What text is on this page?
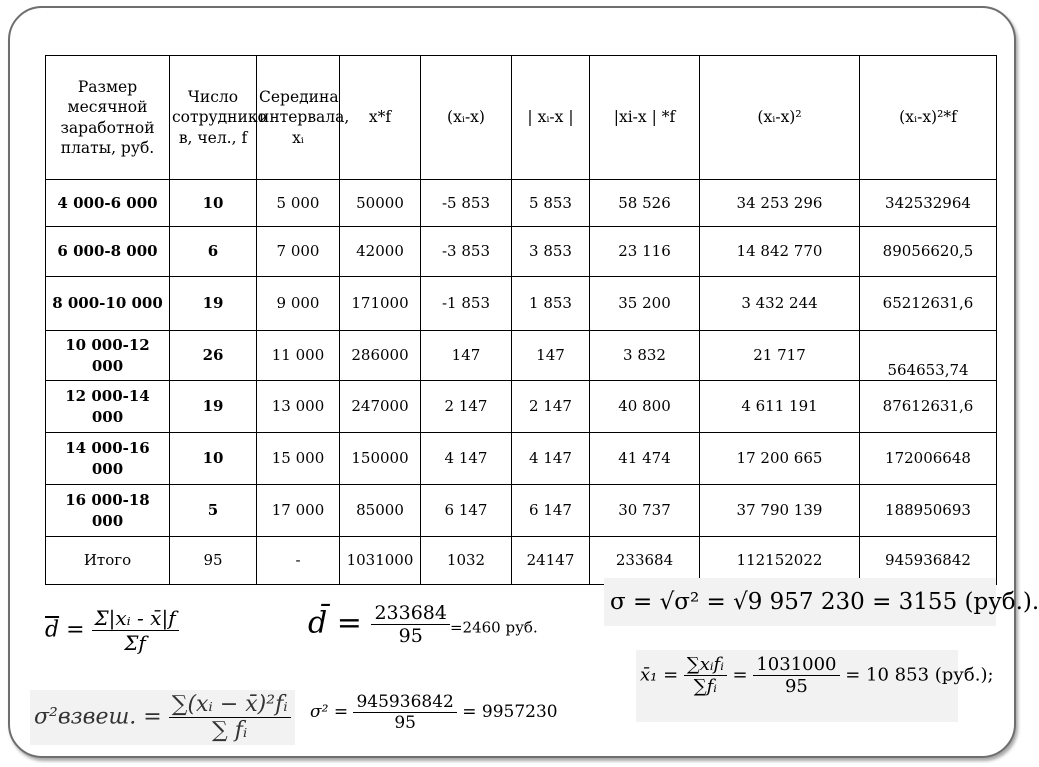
Размер месячной заработной платы, руб.	Число сотруднико в, чел., f	Середина интервала, xᵢ	x*f	(xᵢ-x)	| xᵢ-x |	|xi-x | *f	(xᵢ-x)²	(xᵢ-x)²*f
4 000-6 000	10	5 000	50000	-5 853	5 853	58 526	34 253 296	342532964
6 000-8 000	6	7 000	42000	-3 853	3 853	23 116	14 842 770	89056620,5
8 000-10 000	19	9 000	171000	-1 853	1 853	35 200	3 432 244	65212631,6
10 000-12 000	26	11 000	286000	147	147	3 832	21 717	564653,74
12 000-14 000	19	13 000	247000	2 147	2 147	40 800	4 611 191	87612631,6
14 000-16 000	10	15 000	150000	4 147	4 147	41 474	17 200 665	172006648
16 000-18 000	5	17 000	85000	6 147	6 147	30 737	37 790 139	188950693
Итого	95	-	1031000	1032	24147	233684	112152022	945936842
$\overline{d} = \frac{\text{Σ|xᵢ - x̄|f}}{\Sigma f}$	d̄ = $\frac{233684}{95} =2460$ руб.
σ²взвеш. = $\frac{\text{∑(xᵢ − x̄)²fᵢ}}{\text{∑ fᵢ}} \sigma^2 = \frac{945936842}{95} = 9957230$
σ = √σ² = √9 957 230 = 3155 (руб.).
x̄₁ = $\frac{\text{∑xᵢfᵢ}}{\text{∑fᵢ}} = \frac{1031000}{95} = 10$ 853 (руб.);
